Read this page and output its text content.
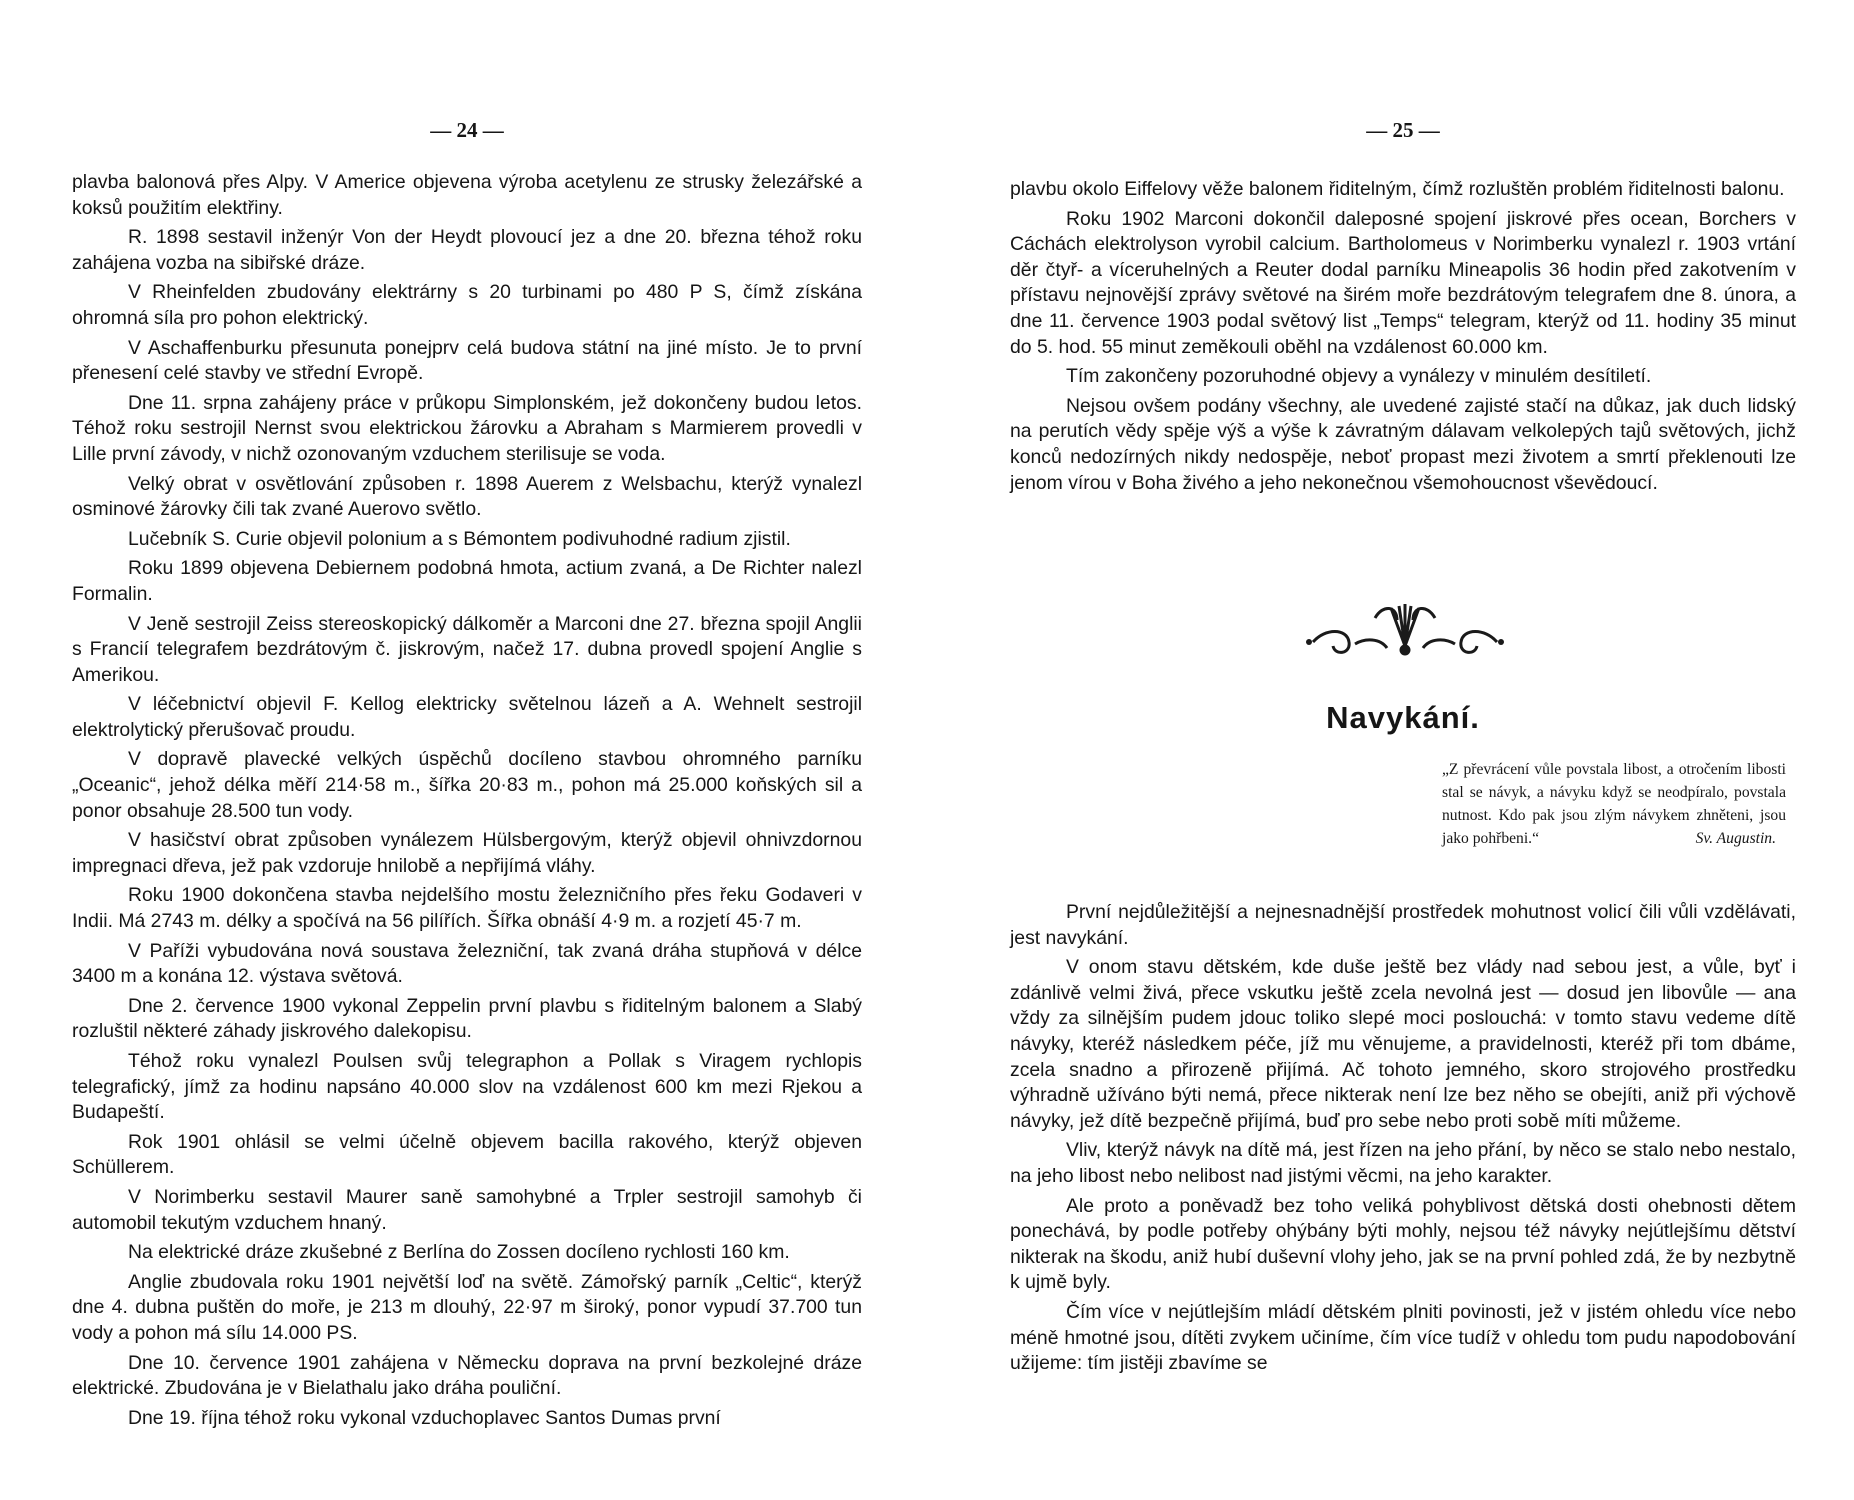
— 24 —

plavba balonová přes Alpy. V Americe objevena výroba acetylenu ze strusky železářské a koksů použitím elektřiny.

R. 1898 sestavil inženýr Von der Heydt plovoucí jez a dne 20. března téhož roku zahájena vozba na sibiřské dráze.

V Rheinfelden zbudovány elektrárny s 20 turbinami po 480 P S, čímž získána ohromná síla pro pohon elektrický.

V Aschaffenburku přesunuta ponejprv celá budova státní na jiné místo. Je to první přenesení celé stavby ve střední Evropě.

Dne 11. srpna zahájeny práce v průkopu Simplonském, jež dokončeny budou letos. Téhož roku sestrojil Nernst svou elektrickou žárovku a Abraham s Marmierem provedli v Lille první závody, v nichž ozonovaným vzduchem sterilisuje se voda.

Velký obrat v osvětlování způsoben r. 1898 Auerem z Welsbachu, kterýž vynalezl osminové žárovky čili tak zvané Auerovo světlo.

Lučebník S. Curie objevil polonium a s Bémontem podivuhodné radium zjistil.

Roku 1899 objevena Debiernem podobná hmota, actium zvaná, a De Richter nalezl Formalin.

V Jeně sestrojil Zeiss stereoskopický dálkoměr a Marconi dne 27. března spojil Anglii s Francií telegrafem bezdrátovým č. jiskrovým, načež 17. dubna provedl spojení Anglie s Amerikou.

V léčebnictví objevil F. Kellog elektricky světelnou lázeň a A. Wehnelt sestrojil elektrolytický přerušovač proudu.

V dopravě plavecké velkých úspěchů docíleno stavbou ohromného parníku „Oceanic“, jehož délka měří 214·58 m., šířka 20·83 m., pohon má 25.000 koňských sil a ponor obsahuje 28.500 tun vody.

V hasičství obrat způsoben vynálezem Hülsbergovým, kterýž objevil ohnivzdornou impregnaci dřeva, jež pak vzdoruje hnilobě a nepřijímá vláhy.

Roku 1900 dokončena stavba nejdelšího mostu železničního přes řeku Godaveri v Indii. Má 2743 m. délky a spočívá na 56 pilířích. Šířka obnáší 4·9 m. a rozjetí 45·7 m.

V Paříži vybudována nová soustava železniční, tak zvaná dráha stupňová v délce 3400 m a konána 12. výstava světová.

Dne 2. července 1900 vykonal Zeppelin první plavbu s řiditelným balonem a Slabý rozluštil některé záhady jiskrového dalekopisu.

Téhož roku vynalezl Poulsen svůj telegraphon a Pollak s Viragem rychlopis telegrafický, jímž za hodinu napsáno 40.000 slov na vzdálenost 600 km mezi Rjekou a Budapeští.

Rok 1901 ohlásil se velmi účelně objevem bacilla rakového, kterýž objeven Schüllerem.

V Norimberku sestavil Maurer saně samohybné a Trpler sestrojil samohyb či automobil tekutým vzduchem hnaný.

Na elektrické dráze zkušebné z Berlína do Zossen docíleno rychlosti 160 km.

Anglie zbudovala roku 1901 největší loď na světě. Zámořský parník „Celtic“, kterýž dne 4. dubna puštěn do moře, je 213 m dlouhý, 22·97 m široký, ponor vypudí 37.700 tun vody a pohon má sílu 14.000 PS.

Dne 10. července 1901 zahájena v Německu doprava na první bezkolejné dráze elektrické. Zbudována je v Bielathalu jako dráha pouliční.

Dne 19. října téhož roku vykonal vzduchoplavec Santos Dumas první

— 25 —

plavbu okolo Eiffelovy věže balonem řiditelným, čímž rozluštěn problém řiditelnosti balonu.

Roku 1902 Marconi dokončil daleposné spojení jiskrové přes ocean, Borchers v Cáchách elektrolyson vyrobil calcium. Bartholomeus v Norimberku vynalezl r. 1903 vrtání děr čtyř- a víceruhelných a Reuter dodal parníku Mineapolis 36 hodin před zakotvením v přístavu nejnovější zprávy světové na širém moře bezdrátovým telegrafem dne 8. února, a dne 11. července 1903 podal světový list „Temps“ telegram, kterýž od 11. hodiny 35 minut do 5. hod. 55 minut zeměkouli oběhl na vzdálenost 60.000 km.

Tím zakončeny pozoruhodné objevy a vynálezy v minulém desítiletí.

Nejsou ovšem podány všechny, ale uvedené zajisté stačí na důkaz, jak duch lidský na perutích vědy spěje výš a výše k závratným dálavam velkolepých tajů světových, jichž konců nedozírných nikdy nedospěje, neboť propast mezi životem a smrtí překlenouti lze jenom vírou v Boha živého a jeho nekonečnou všemohoucnost vševědoucí.

Navykání.
„Z převrácení vůle povstala libost, a otročením libosti stal se návyk, a návyku když se neodpíralo, povstala nutnost. Kdo pak jsou zlým návykem zhněteni, jsou jako pohřbeni.“	Sv. Augustin.

První nejdůležitější a nejnesnadnější prostředek mohutnost volicí čili vůli vzdělávati, jest navykání.

V onom stavu dětském, kde duše ještě bez vlády nad sebou jest, a vůle, byť i zdánlivě velmi živá, přece vskutku ještě zcela nevolná jest — dosud jen libovůle — ana vždy za silnějším pudem jdouc toliko slepé moci poslouchá: v tomto stavu vedeme dítě návyky, kteréž následkem péče, jíž mu věnujeme, a pravidelnosti, kteréž při tom dbáme, zcela snadno a přirozeně přijímá. Ač tohoto jemného, skoro strojového prostředku výhradně užíváno býti nemá, přece nikterak není lze bez něho se obejíti, aniž při výchově návyky, jež dítě bezpečně přijímá, buď pro sebe nebo proti sobě míti můžeme.

Vliv, kterýž návyk na dítě má, jest řízen na jeho přání, by něco se stalo nebo nestalo, na jeho libost nebo nelibost nad jistými věcmi, na jeho karakter.

Ale proto a poněvadž bez toho veliká pohyblivost dětská dosti ohebnosti dětem ponechává, by podle potřeby ohýbány býti mohly, nejsou též návyky nejútlejšímu dětství nikterak na škodu, aniž hubí duševní vlohy jeho, jak se na první pohled zdá, že by nezbytně k ujmě byly.

Čím více v nejútlejším mládí dětském plniti povinosti, jež v jistém ohledu více nebo méně hmotné jsou, dítěti zvykem učiníme, čím více tudíž v ohledu tom pudu napodobování užijeme: tím jistěji zbavíme se
